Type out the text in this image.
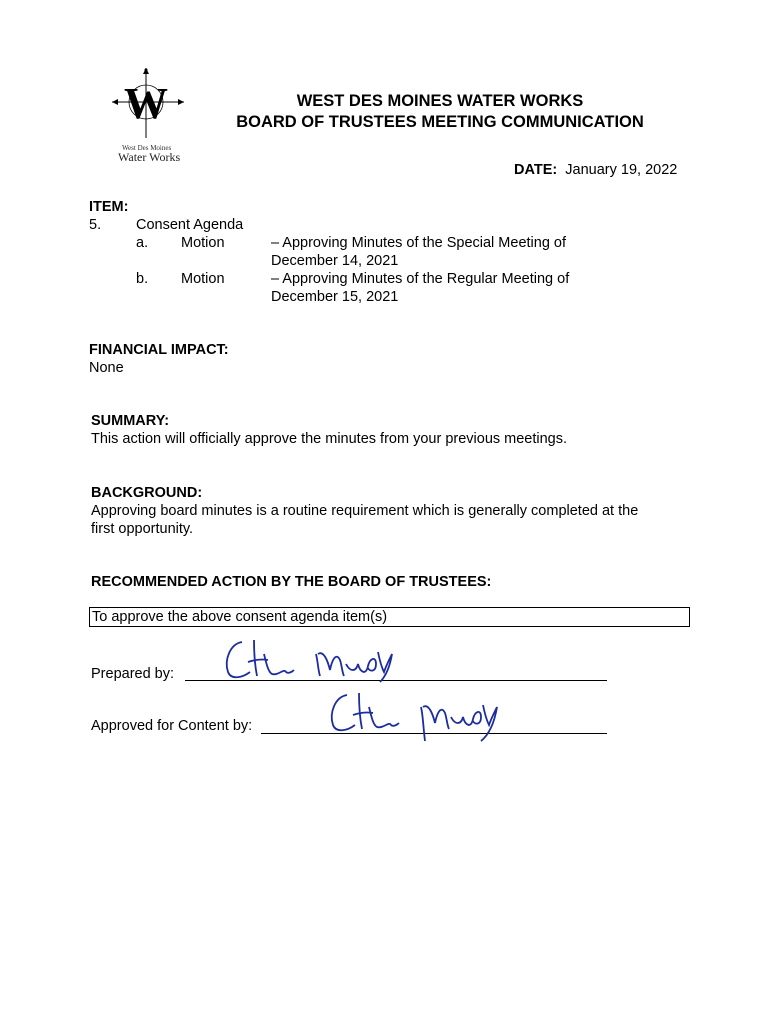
W
West Des Moines
Water Works
WEST DES MOINES WATER WORKS
BOARD OF TRUSTEES MEETING COMMUNICATION
DATE: January 19, 2022
ITEM:
5. Consent Agenda
a. Motion	– Approving Minutes of the Special Meeting of
December 14, 2021
b. Motion	– Approving Minutes of the Regular Meeting of
December 15, 2021
FINANCIAL IMPACT:
None
SUMMARY:
This action will officially approve the minutes from your previous meetings.
BACKGROUND:
Approving board minutes is a routine requirement which is generally completed at the
first opportunity.
RECOMMENDED ACTION BY THE BOARD OF TRUSTEES:
To approve the above consent agenda item(s)
Prepared by:
Approved for Content by:
